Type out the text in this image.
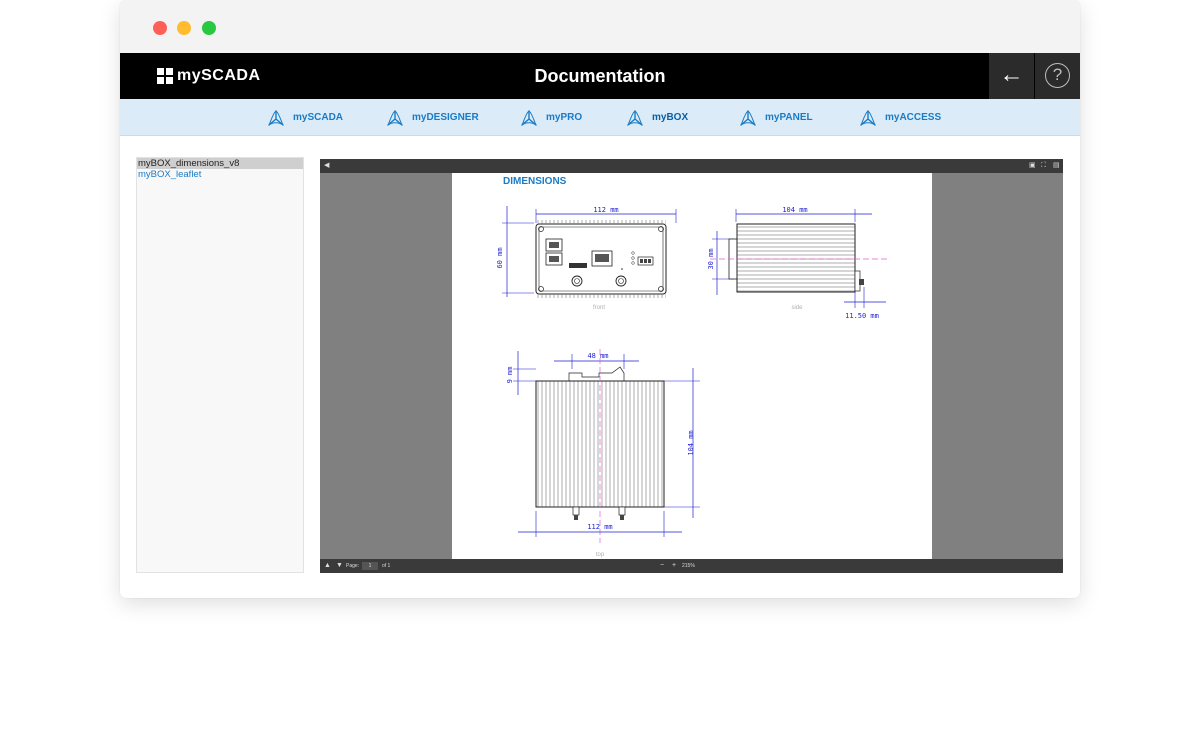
mySCADA	Documentation	←	?
mySCADA	myDESIGNER	myPRO	myBOX	myPANEL	myACCESS
myBOX_dimensions_v8
myBOX_leaflet
◀	▣ ⛶ ▤
DIMENSIONS
112 mm
60 mm
front
104 mm
30 mm
11.50 mm
side
48 mm
9 mm
104 mm
112 mm
top
▲ ▼ Page:	1	of 1	− + 215%
